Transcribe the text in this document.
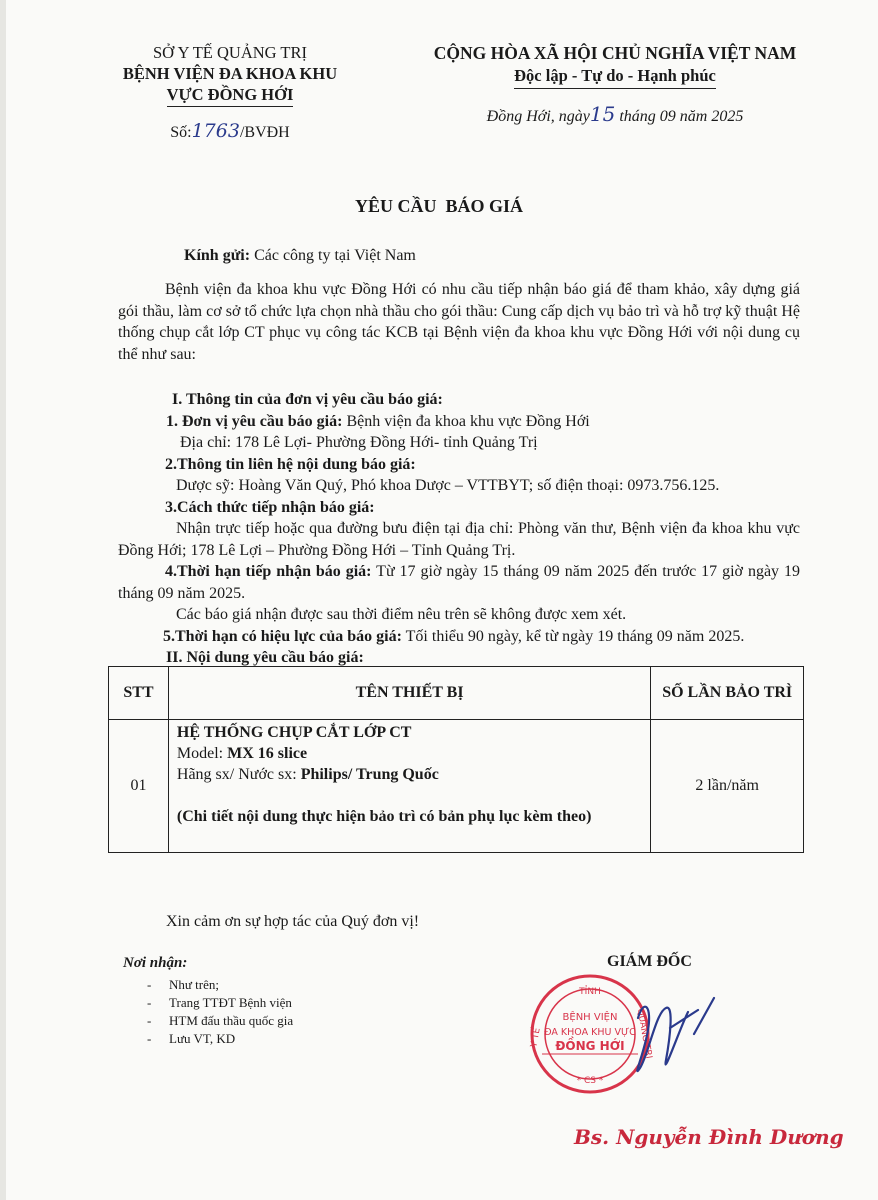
SỞ Y TẾ QUẢNG TRỊ
BỆNH VIỆN ĐA KHOA KHU
VỰC ĐỒNG HỚI
Số:1763/BVĐH
CỘNG HÒA XÃ HỘI CHỦ NGHĨA VIỆT NAM
Độc lập - Tự do - Hạnh phúc
Đồng Hới, ngày15 tháng 09 năm 2025
YÊU CẦU  BÁO GIÁ
Kính gửi: Các công ty tại Việt Nam
Bệnh viện đa khoa khu vực Đồng Hới có nhu cầu tiếp nhận báo giá để tham khảo, xây dựng giá gói thầu, làm cơ sở tổ chức lựa chọn nhà thầu cho gói thầu: Cung cấp dịch vụ bảo trì và hỗ trợ kỹ thuật Hệ thống chụp cắt lớp CT phục vụ công tác KCB tại Bệnh viện đa khoa khu vực Đồng Hới với nội dung cụ thể như sau:
I. Thông tin của đơn vị yêu cầu báo giá:
1. Đơn vị yêu cầu báo giá: Bệnh viện đa khoa khu vực Đồng Hới
Địa chỉ: 178 Lê Lợi- Phường Đồng Hới- tỉnh Quảng Trị
2.Thông tin liên hệ nội dung báo giá:
Dược sỹ: Hoàng Văn Quý, Phó khoa Dược – VTTBYT; số điện thoại: 0973.756.125.
3.Cách thức tiếp nhận báo giá:
Nhận trực tiếp hoặc qua đường bưu điện tại địa chỉ: Phòng văn thư, Bệnh viện đa khoa khu vực Đồng Hới; 178 Lê Lợi – Phường Đồng Hới – Tỉnh Quảng Trị.
4.Thời hạn tiếp nhận báo giá: Từ 17 giờ ngày 15 tháng 09 năm 2025 đến trước 17 giờ ngày 19 tháng 09 năm 2025.
Các báo giá nhận được sau thời điểm nêu trên sẽ không được xem xét.
5.Thời hạn có hiệu lực của báo giá: Tối thiểu 90 ngày, kể từ ngày 19 tháng 09 năm 2025.
II. Nội dung yêu cầu báo giá:
STT	TÊN THIẾT BỊ	SỐ LẦN BẢO TRÌ
01	HỆ THỐNG CHỤP CẮT LỚP CT
Model: MX 16 slice
Hãng sx/ Nước sx: Philips/ Trung Quốc
(Chi tiết nội dung thực hiện bảo trì có bản phụ lục kèm theo)	2 lần/năm
Xin cảm ơn sự hợp tác của Quý đơn vị!
Nơi nhận:
- Như trên;
- Trang TTĐT Bệnh viện
- HTM đấu thầu quốc gia
- Lưu VT, KD
GIÁM ĐỐC
TỈNH
* CS *
Y TẾ	QUẢNG TRỊ
BỆNH VIỆN
ĐA KHOA KHU VỰC
ĐỒNG HỚI
Bs. Nguyễn Đình Dương
